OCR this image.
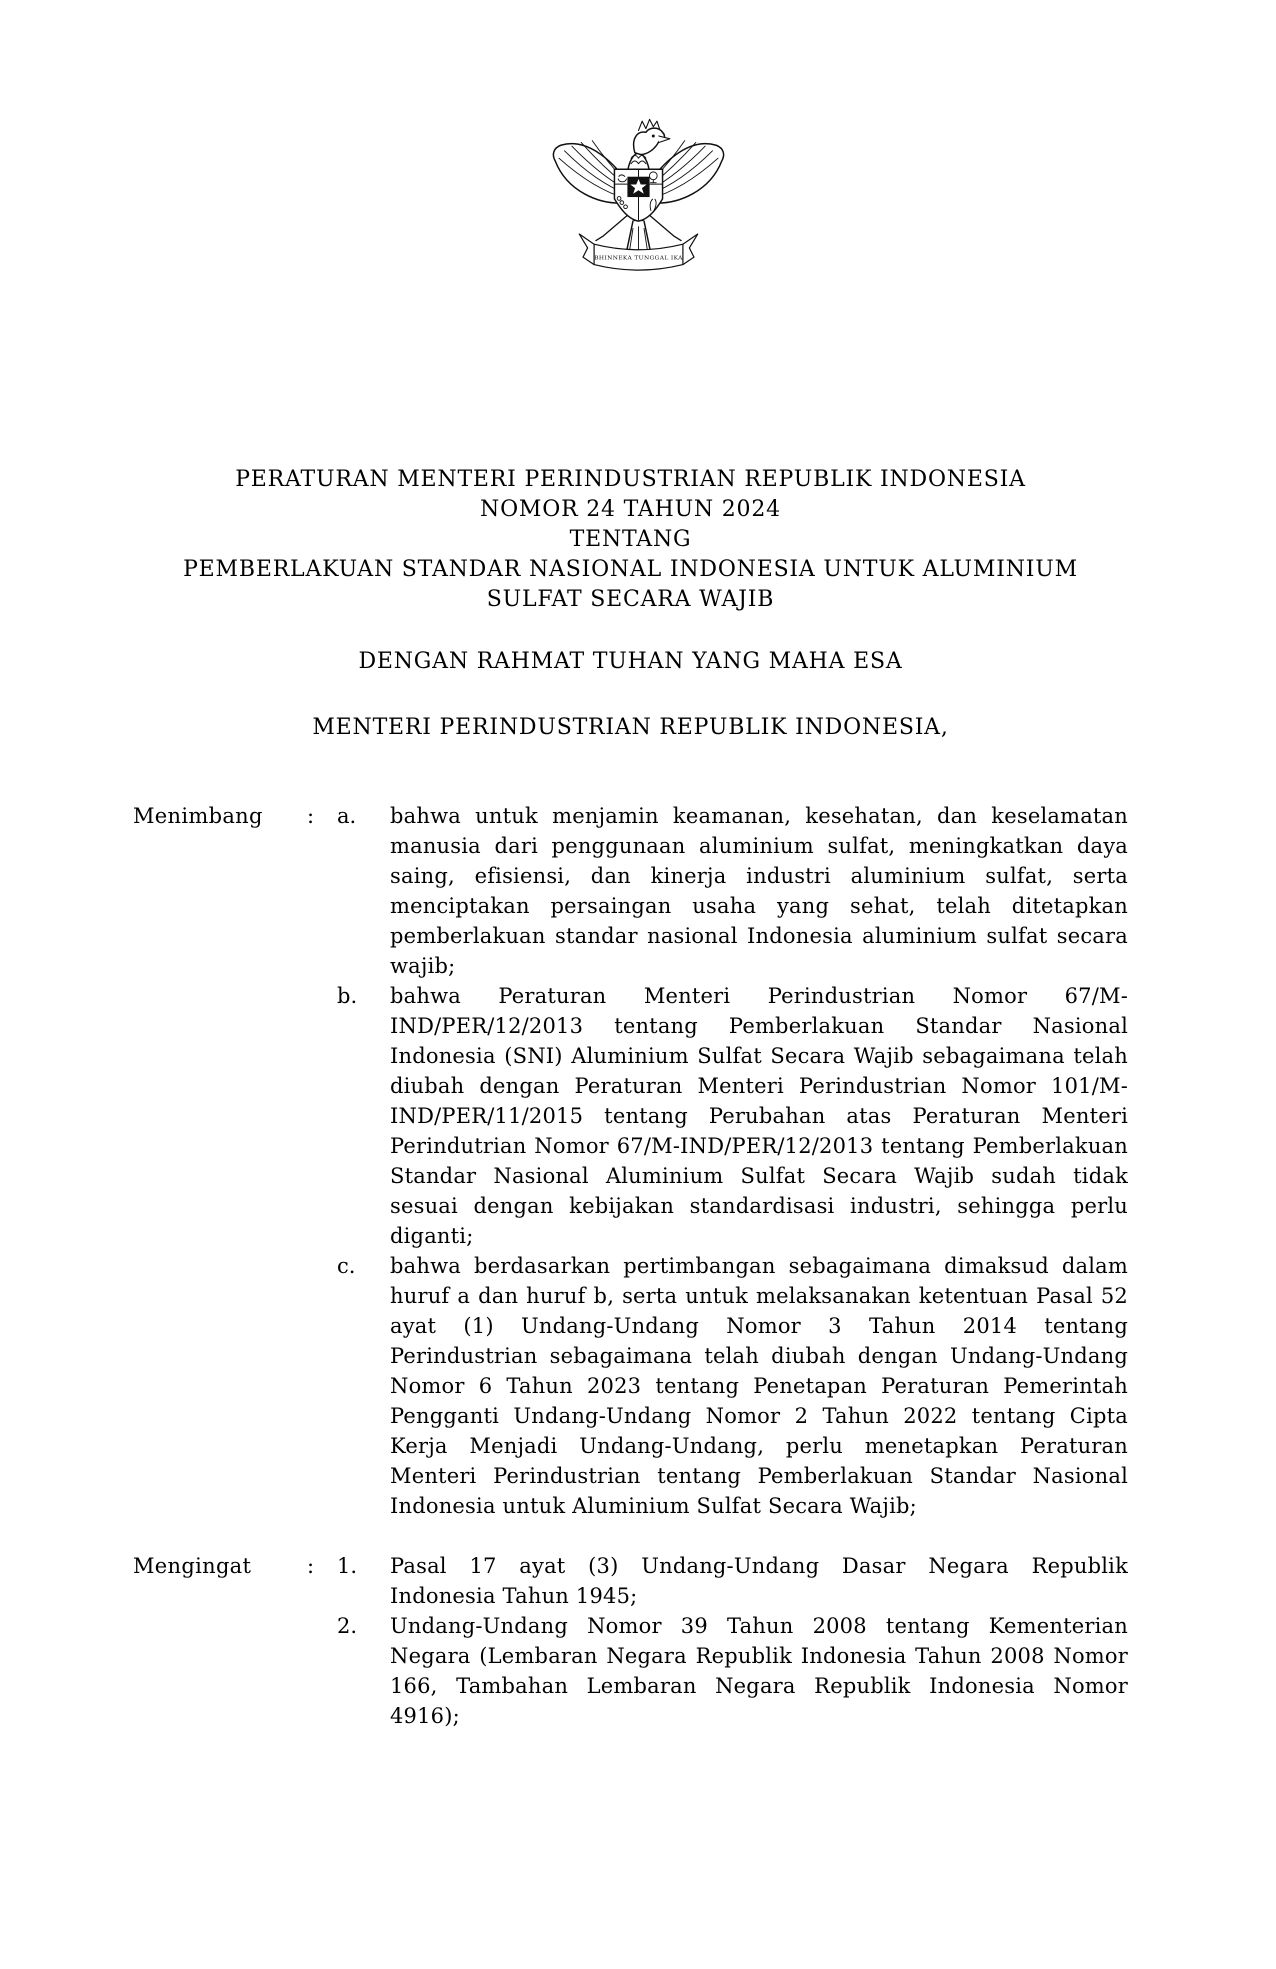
BHINNEKA TUNGGAL IKA
PERATURAN MENTERI PERINDUSTRIAN REPUBLIK INDONESIA
NOMOR 24 TAHUN 2024
TENTANG
PEMBERLAKUAN STANDAR NASIONAL INDONESIA UNTUK ALUMINIUM
SULFAT SECARA WAJIB
DENGAN RAHMAT TUHAN YANG MAHA ESA
MENTERI PERINDUSTRIAN REPUBLIK INDONESIA,
Menimbang	:	a.	bahwa untuk menjamin keamanan, kesehatan, dan keselamatan manusia dari penggunaan aluminium sulfat, meningkatkan daya saing, efisiensi, dan kinerja industri aluminium sulfat, serta menciptakan persaingan usaha yang sehat, telah ditetapkan pemberlakuan standar nasional Indonesia aluminium sulfat secara wajib;
b.	bahwa Peraturan Menteri Perindustrian Nomor 67/M-IND/PER/12/2013 tentang Pemberlakuan Standar Nasional Indonesia (SNI) Aluminium Sulfat Secara Wajib sebagaimana telah diubah dengan Peraturan Menteri Perindustrian Nomor 101/M-IND/PER/11/2015 tentang Perubahan atas Peraturan Menteri Perindutrian Nomor 67/M-IND/PER/12/2013 tentang Pemberlakuan Standar Nasional Aluminium Sulfat Secara Wajib sudah tidak sesuai dengan kebijakan standardisasi industri, sehingga perlu diganti;
c.	bahwa berdasarkan pertimbangan sebagaimana dimaksud dalam huruf a dan huruf b, serta untuk melaksanakan ketentuan Pasal 52 ayat (1) Undang-Undang Nomor 3 Tahun 2014 tentang Perindustrian sebagaimana telah diubah dengan Undang-Undang Nomor 6 Tahun 2023 tentang Penetapan Peraturan Pemerintah Pengganti Undang-Undang Nomor 2 Tahun 2022 tentang Cipta Kerja Menjadi Undang-Undang, perlu menetapkan Peraturan Menteri Perindustrian tentang Pemberlakuan Standar Nasional Indonesia untuk Aluminium Sulfat Secara Wajib;
Mengingat	:	1.	Pasal 17 ayat (3) Undang-Undang Dasar Negara Republik Indonesia Tahun 1945;
2.	Undang-Undang Nomor 39 Tahun 2008 tentang Kementerian Negara (Lembaran Negara Republik Indonesia Tahun 2008 Nomor 166, Tambahan Lembaran Negara Republik Indonesia Nomor 4916);
